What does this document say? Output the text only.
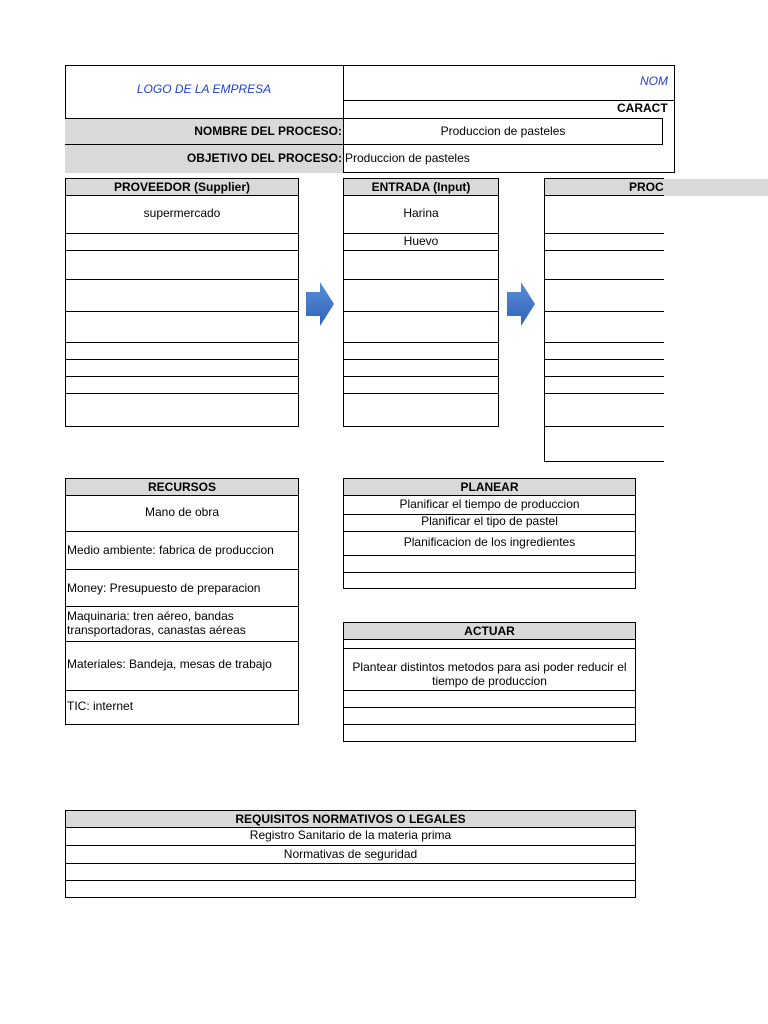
LOGO DE LA EMPRESA
NOM
CARACT
NOMBRE DEL PROCESO:	Produccion de pasteles
OBJETIVO DEL PROCESO: Produccion de pasteles
PROVEEDOR (Supplier)
supermercado
ENTRADA (Input)
Harina
Huevo
PROC
RECURSOS
Mano de obra
Medio ambiente: fabrica de produccion
Money: Presupuesto de preparacion
Maquinaria: tren aéreo, bandas transportadoras, canastas aéreas
Materiales: Bandeja, mesas de trabajo
TIC: internet
PLANEAR
Planificar el tiempo de produccion
Planificar el tipo de pastel
Planificacion de los ingredientes
ACTUAR
Plantear distintos metodos para asi poder reducir el tiempo de produccion
REQUISITOS NORMATIVOS O LEGALES
Registro Sanitario de la materia prima
Normativas de seguridad
